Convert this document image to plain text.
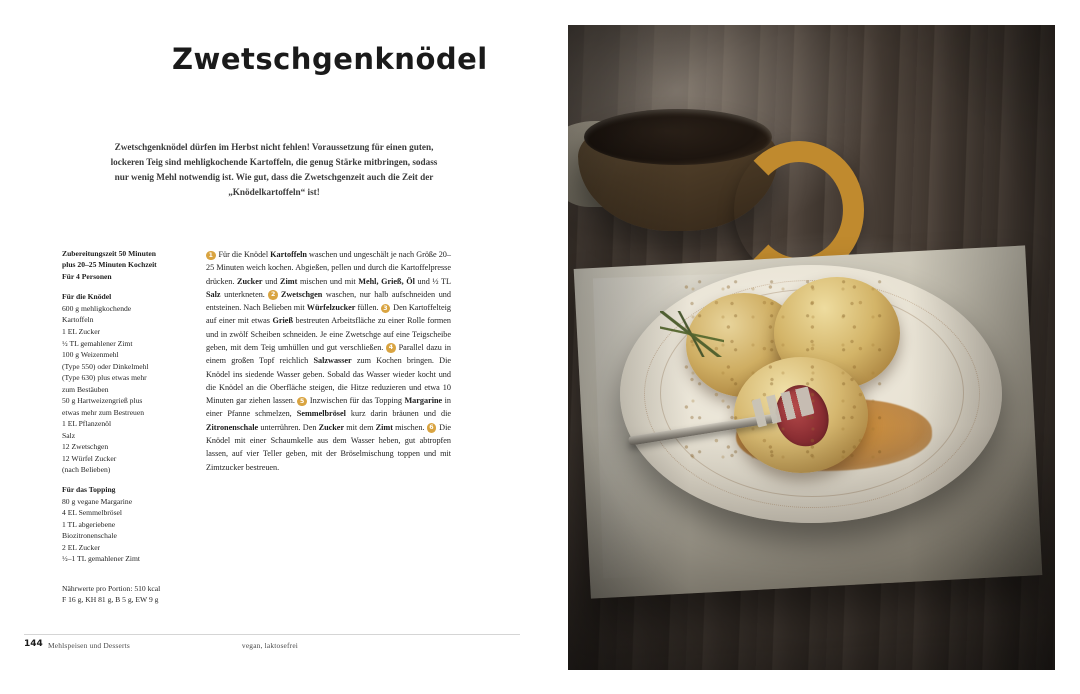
Zwetschgenknödel
Zwetschgenknödel dürfen im Herbst nicht fehlen! Voraussetzung für einen guten, lockeren Teig sind mehligkochende Kartoffeln, die genug Stärke mitbringen, sodass nur wenig Mehl notwendig ist. Wie gut, dass die Zwetschgenzeit auch die Zeit der „Knödelkartoffeln“ ist!
Zubereitungszeit 50 Minuten
plus 20–25 Minuten Kochzeit
Für 4 Personen
Für die Knödel
600 g mehligkochende
Kartoffeln
1 EL Zucker
½ TL gemahlener Zimt
100 g Weizenmehl
(Type 550) oder Dinkelmehl
(Type 630) plus etwas mehr
zum Bestäuben
50 g Hartweizengrieß plus
etwas mehr zum Bestreuen
1 EL Pflanzenöl
Salz
12 Zwetschgen
12 Würfel Zucker
(nach Belieben)
Für das Topping
80 g vegane Margarine
4 EL Semmelbrösel
1 TL abgeriebene
Biozitronenschale
2 EL Zucker
½–1 TL gemahlener Zimt
Nährwerte pro Portion: 510 kcal
F 16 g, KH 81 g, B 5 g, EW 9 g
1 Für die Knödel Kartoffeln waschen und ungeschält je nach Größe 20–25 Minuten weich kochen. Abgießen, pellen und durch die Kartoffelpresse drücken. Zucker und Zimt mischen und mit Mehl, Grieß, Öl und ½ TL Salz unterkneten. 2 Zwetschgen waschen, nur halb aufschneiden und entsteinen. Nach Belieben mit Würfelzucker füllen. 3 Den Kartoffelteig auf einer mit etwas Grieß bestreuten Arbeitsfläche zu einer Rolle formen und in zwölf Scheiben schneiden. Je eine Zwetschge auf eine Teigscheibe geben, mit dem Teig umhüllen und gut verschließen. 4 Parallel dazu in einem großen Topf reichlich Salzwasser zum Kochen bringen. Die Knödel ins siedende Wasser geben. Sobald das Wasser wieder kocht und die Knödel an die Oberfläche steigen, die Hitze reduzieren und etwa 10 Minuten gar ziehen lassen. 5 Inzwischen für das Topping Margarine in einer Pfanne schmelzen, Semmelbrösel kurz darin bräunen und die Zitronenschale unterrühren. Den Zucker mit dem Zimt mischen. 6 Die Knödel mit einer Schaumkelle aus dem Wasser heben, gut abtropfen lassen, auf vier Teller geben, mit der Bröselmischung toppen und mit Zimtzucker bestreuen.
144 Mehlspeisen und Desserts	vegan, laktosefrei
